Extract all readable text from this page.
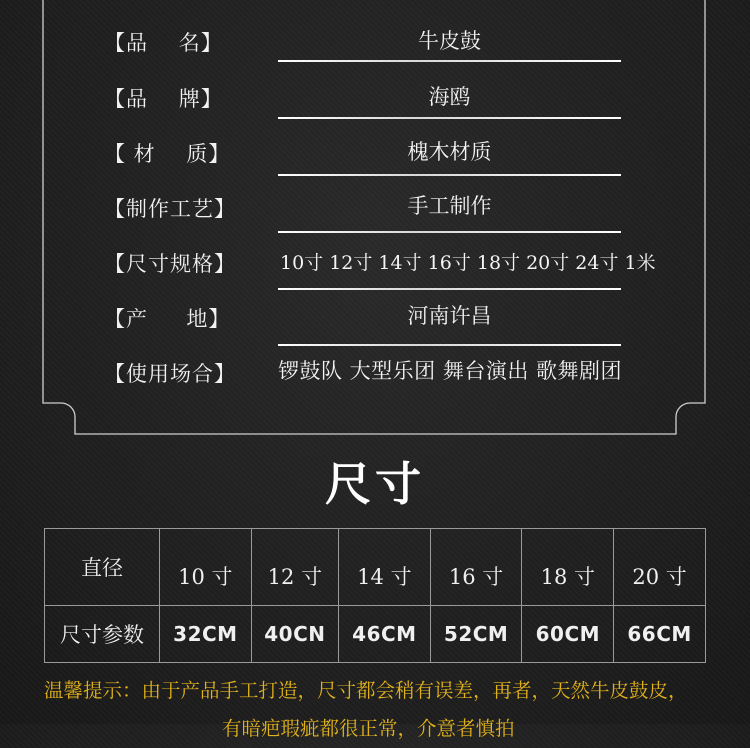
【品    名】	牛皮鼓
【品    牌】	海鸥
【 材    质】	槐木材质
【制作工艺】	手工制作
【尺寸规格】 10寸 12寸 14寸 16寸 18寸 20寸 24寸 1米
【产     地】	河南许昌
【使用场合】 锣鼓队 大型乐团 舞台演出 歌舞剧团
尺寸
直径	10 寸	12 寸	14 寸	16 寸	18 寸	20 寸
尺寸参数	32CM	40CN	46CM	52CM	60CM	66CM
温馨提示：由于产品手工打造，尺寸都会稍有误差，再者，天然牛皮鼓皮，
有暗疤瑕疵都很正常，介意者慎拍
